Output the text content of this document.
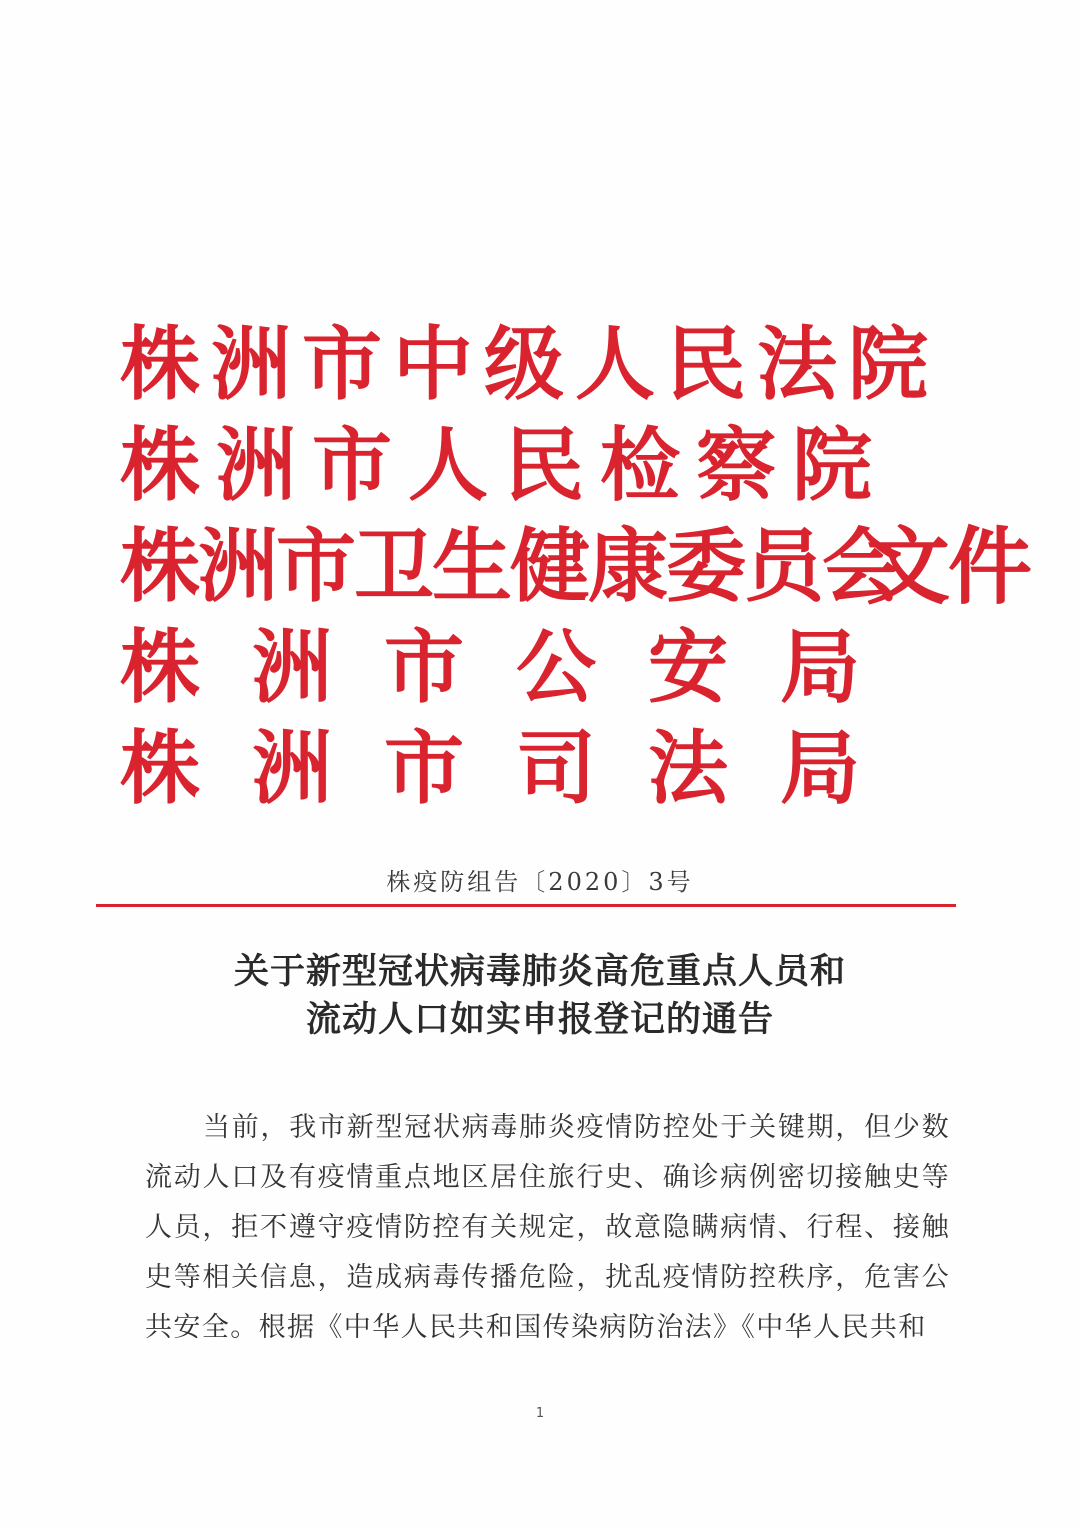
株洲市中级人民法院
株洲市人民检察院
株洲市卫生健康委员会
株洲市公安局
株洲市司法局
文件
株疫防组告〔2020〕3号
关于新型冠状病毒肺炎高危重点人员和
流动人口如实申报登记的通告
当前，我市新型冠状病毒肺炎疫情防控处于关键期，但少数流动人口及有疫情重点地区居住旅行史、确诊病例密切接触史等人员，拒不遵守疫情防控有关规定，故意隐瞒病情、行程、接触史等相关信息，造成病毒传播危险，扰乱疫情防控秩序，危害公共安全。根据《中华人民共和国传染病防治法》《中华人民共和
1
